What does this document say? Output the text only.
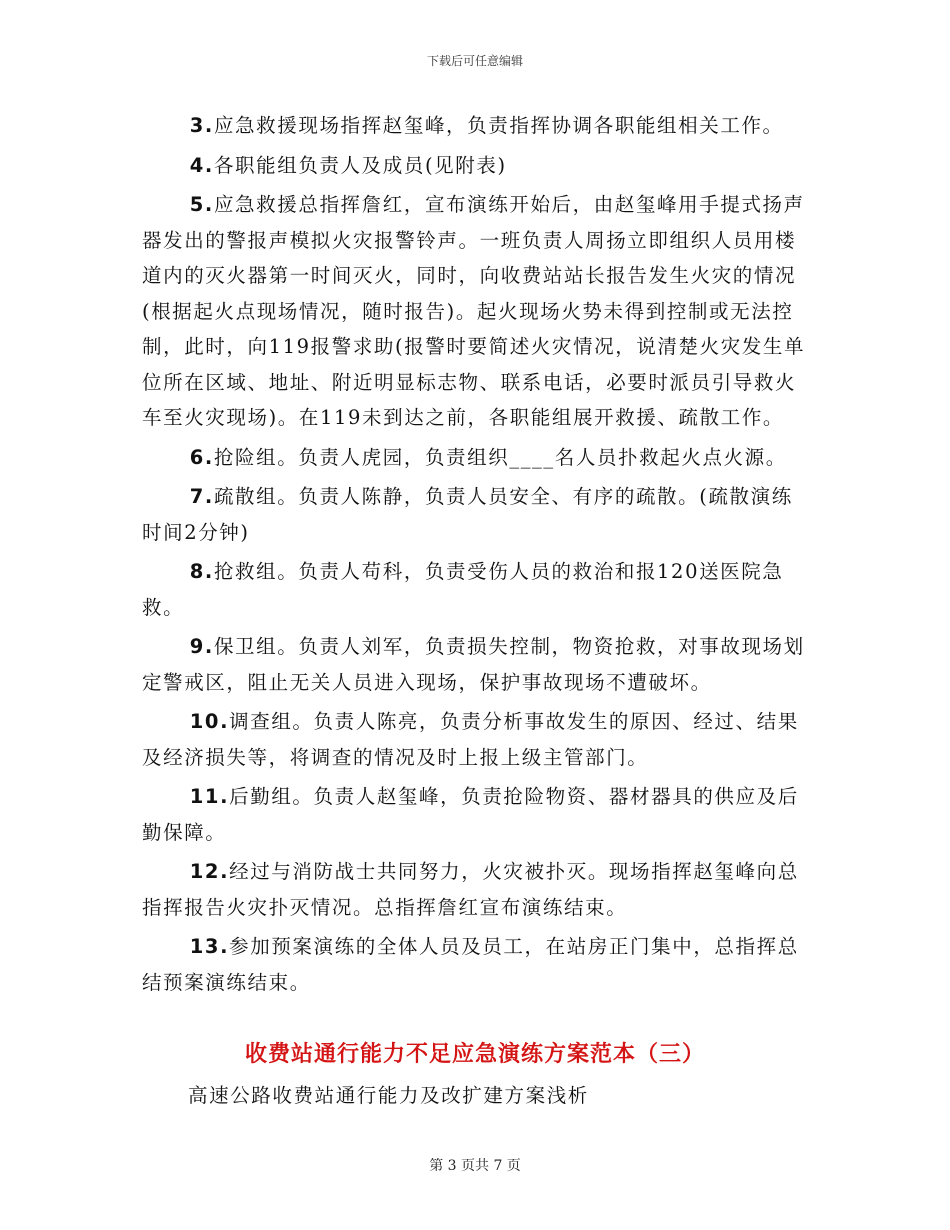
下载后可任意编辑

3.应急救援现场指挥赵玺峰，负责指挥协调各职能组相关工作。

4.各职能组负责人及成员(见附表)

5.应急救援总指挥詹红，宣布演练开始后，由赵玺峰用手提式扬声器发出的警报声模拟火灾报警铃声。一班负责人周扬立即组织人员用楼道内的灭火器第一时间灭火，同时，向收费站站长报告发生火灾的情况(根据起火点现场情况，随时报告)。起火现场火势未得到控制或无法控制，此时，向119报警求助(报警时要简述火灾情况，说清楚火灾发生单位所在区域、地址、附近明显标志物、联系电话，必要时派员引导救火车至火灾现场)。在119未到达之前，各职能组展开救援、疏散工作。

6.抢险组。负责人虎园，负责组织____名人员扑救起火点火源。

7.疏散组。负责人陈静，负责人员安全、有序的疏散。(疏散演练时间2分钟)

8.抢救组。负责人苟科，负责受伤人员的救治和报120送医院急救。

9.保卫组。负责人刘军，负责损失控制，物资抢救，对事故现场划定警戒区，阻止无关人员进入现场，保护事故现场不遭破坏。

10.调查组。负责人陈亮，负责分析事故发生的原因、经过、结果及经济损失等，将调查的情况及时上报上级主管部门。

11.后勤组。负责人赵玺峰，负责抢险物资、器材器具的供应及后勤保障。

12.经过与消防战士共同努力，火灾被扑灭。现场指挥赵玺峰向总指挥报告火灾扑灭情况。总指挥詹红宣布演练结束。

13.参加预案演练的全体人员及员工，在站房正门集中，总指挥总结预案演练结束。

收费站通行能力不足应急演练方案范本（三）
高速公路收费站通行能力及改扩建方案浅析
第 3 页共 7 页
